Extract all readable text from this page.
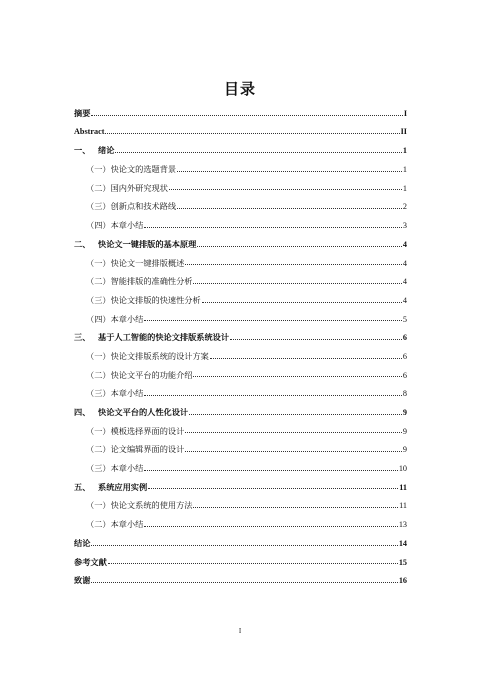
目录
摘要	I
Abstract	II
一、 绪论	1
（一） 快论文的选题背景	1
（二） 国内外研究现状	1
（三） 创新点和技术路线	2
（四） 本章小结	3
二、 快论文一键排版的基本原理	4
（一） 快论文一键排版概述	4
（二） 智能排版的准确性分析	4
（三） 快论文排版的快速性分析	4
（四） 本章小结	5
三、 基于人工智能的快论文排版系统设计	6
（一） 快论文排版系统的设计方案	6
（二） 快论文平台的功能介绍	6
（三） 本章小结	8
四、 快论文平台的人性化设计	9
（一） 模板选择界面的设计	9
（二） 论文编辑界面的设计	9
（三） 本章小结	10
五、 系统应用实例	11
（一） 快论文系统的使用方法	11
（二） 本章小结	13
结论	14
参考文献	15
致谢	16
I
